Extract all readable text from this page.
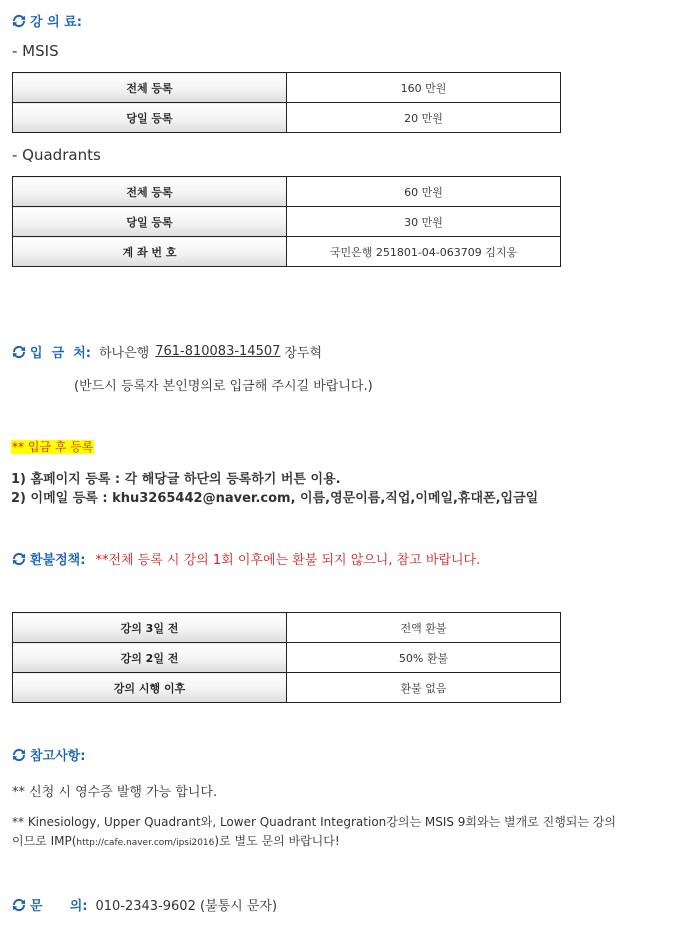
강 의 료:
- MSIS
전체 등록	160 만원
당일 등록	20 만원
- Quadrants
전체 등록	60 만원
당일 등록	30 만원
계 좌 번 호	국민은행 251801-04-063709 김지웅
입  금  처: 하나은행 761-810083-14507 장두혁
(반드시 등록자 본인명의로 입금해 주시길 바랍니다.)
** 입금 후 등록
1) 홈페이지 등록 : 각 해당글 하단의 등록하기 버튼 이용.
2) 이메일 등록 : khu3265442@naver.com, 이름,영문이름,직업,이메일,휴대폰,입금일
환불정책: **전체 등록 시 강의 1회 이후에는 환불 되지 않으니, 참고 바랍니다.
강의 3일 전	전액 환불
강의 2일 전	50% 환불
강의 시행 이후	환불 없음
참고사항:
** 신청 시 영수증 발행 가능 합니다.
** Kinesiology, Upper Quadrant와, Lower Quadrant Integration강의는 MSIS 9회와는 별개로 진행되는 강의
이므로 IMP(http://cafe.naver.com/ipsi2016)로 별도 문의 바랍니다!
문      의: 010-2343-9602 (불통시 문자)
